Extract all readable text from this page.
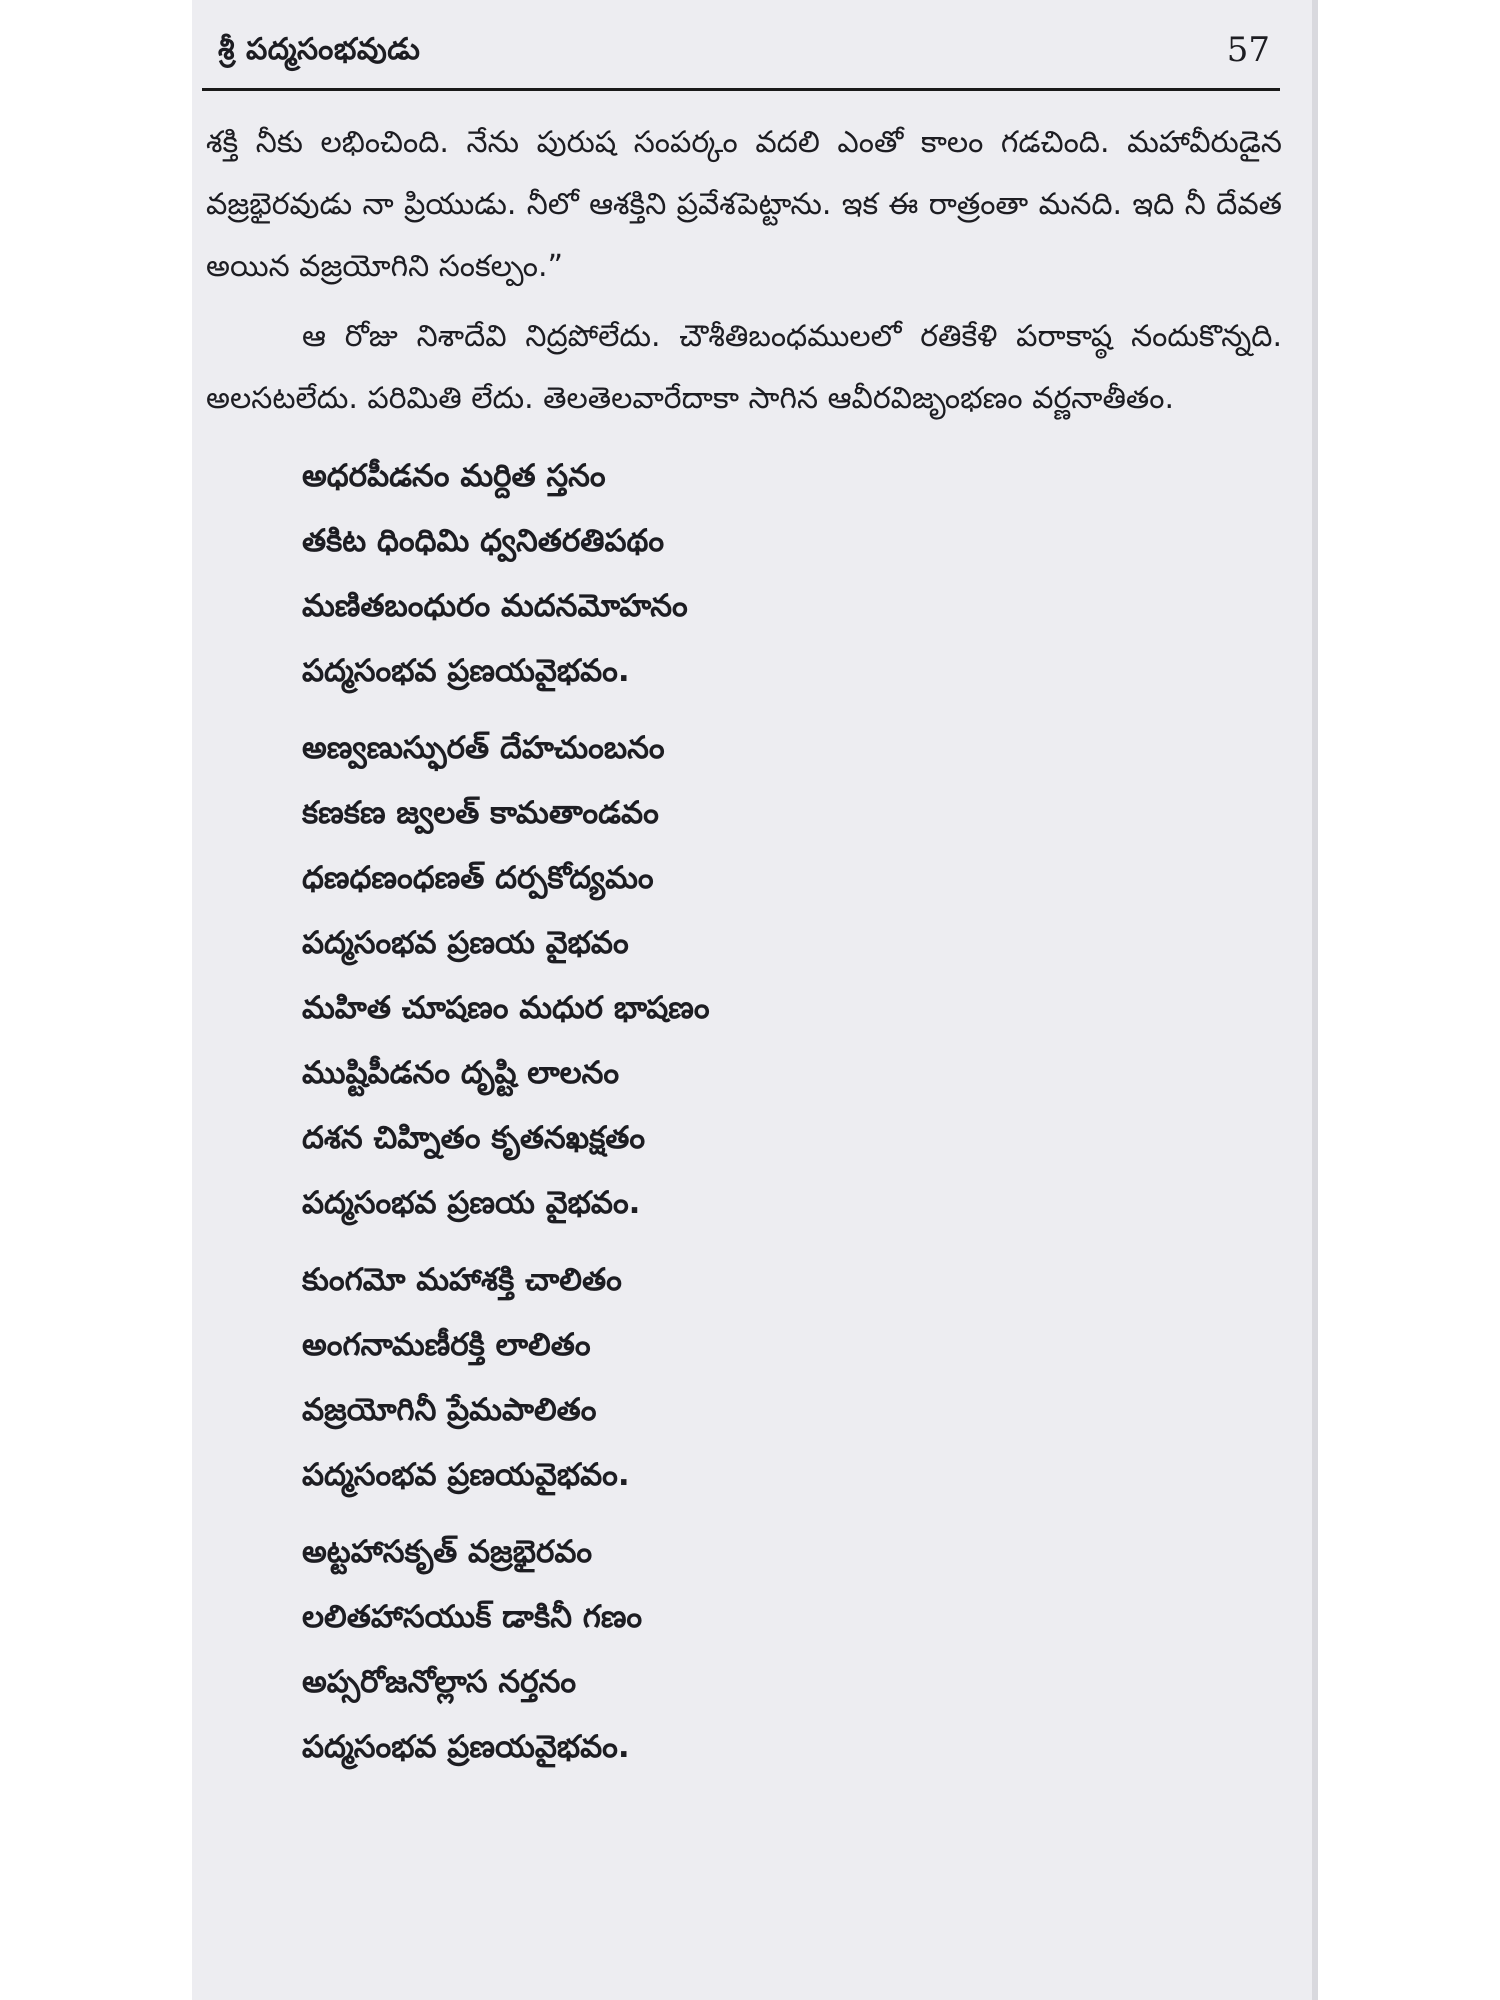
శ్రీ పద్మసంభవుడు	57

శక్తి నీకు లభించింది. నేను పురుష సంపర్కం వదలి ఎంతో కాలం గడచింది. మహావీరుడైన వజ్రభైరవుడు నా ప్రియుడు. నీలో ఆశక్తిని ప్రవేశపెట్టాను. ఇక ఈ రాత్రంతా మనది. ఇది నీ దేవత అయిన వజ్రయోగిని సంకల్పం.”

ఆ రోజు నిశాదేవి నిద్రపోలేదు. చౌశీతిబంధములలో రతికేళి పరాకాష్ఠ నందుకొన్నది. అలసటలేదు. పరిమితి లేదు. తెలతెలవారేదాకా సాగిన ఆవీరవిజృంభణం వర్ణనాతీతం.

అధరపీడనం మర్దిత స్తనం
తకిట ధింధిమి ధ్వనితరతిపథం
మణితబంధురం మదనమోహనం
పద్మసంభవ ప్రణయవైభవం.
అణ్వణుస్ఫురత్ దేహచుంబనం
కణకణ జ్వలత్ కామతాండవం
ధణధణంధణత్ దర్పకోద్యమం
పద్మసంభవ ప్రణయ వైభవం
మహిత చూషణం మధుర భాషణం
ముష్టిపీడనం దృష్టి లాలనం
దశన చిహ్నితం కృతనఖక్షతం
పద్మసంభవ ప్రణయ వైభవం.
కుంగమో మహాశక్తి చాలితం
అంగనామణీరక్తి లాలితం
వజ్రయోగినీ ప్రేమపాలితం
పద్మసంభవ ప్రణయవైభవం.
అట్టహాసకృత్ వజ్రభైరవం
లలితహాసయుక్ డాకినీ గణం
అప్సరోజనోల్లాస నర్తనం
పద్మసంభవ ప్రణయవైభవం.
